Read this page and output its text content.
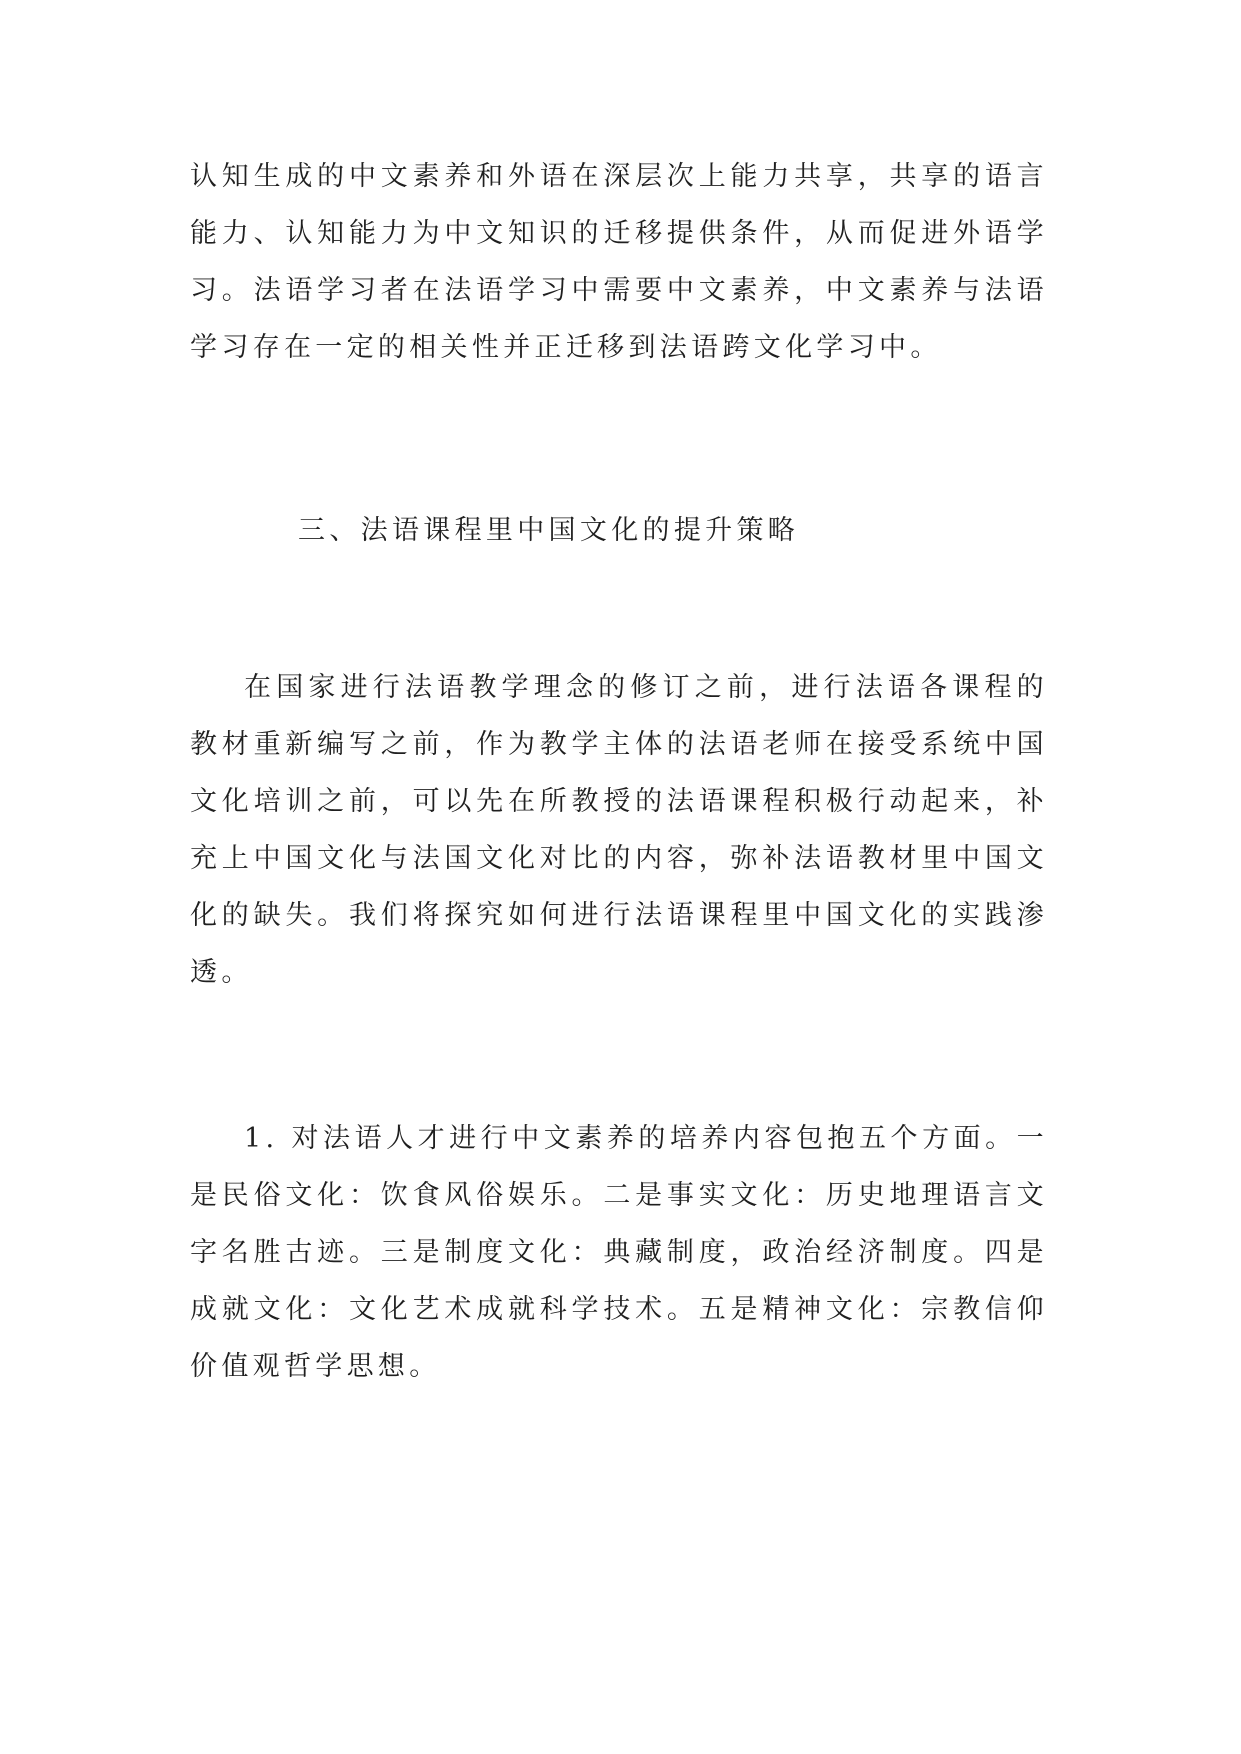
认知生成的中文素养和外语在深层次上能力共享，共享的语言能力、认知能力为中文知识的迁移提供条件，从而促进外语学习。法语学习者在法语学习中需要中文素养，中文素养与法语学习存在一定的相关性并正迁移到法语跨文化学习中。

三、法语课程里中国文化的提升策略

在国家进行法语教学理念的修订之前，进行法语各课程的教材重新编写之前，作为教学主体的法语老师在接受系统中国文化培训之前，可以先在所教授的法语课程积极行动起来，补充上中国文化与法国文化对比的内容，弥补法语教材里中国文化的缺失。我们将探究如何进行法语课程里中国文化的实践渗透。

1. 对法语人才进行中文素养的培养内容包抱五个方面。一是民俗文化：饮食风俗娱乐。二是事实文化：历史地理语言文字名胜古迹。三是制度文化：典藏制度，政治经济制度。四是成就文化：文化艺术成就科学技术。五是精神文化：宗教信仰价值观哲学思想。
